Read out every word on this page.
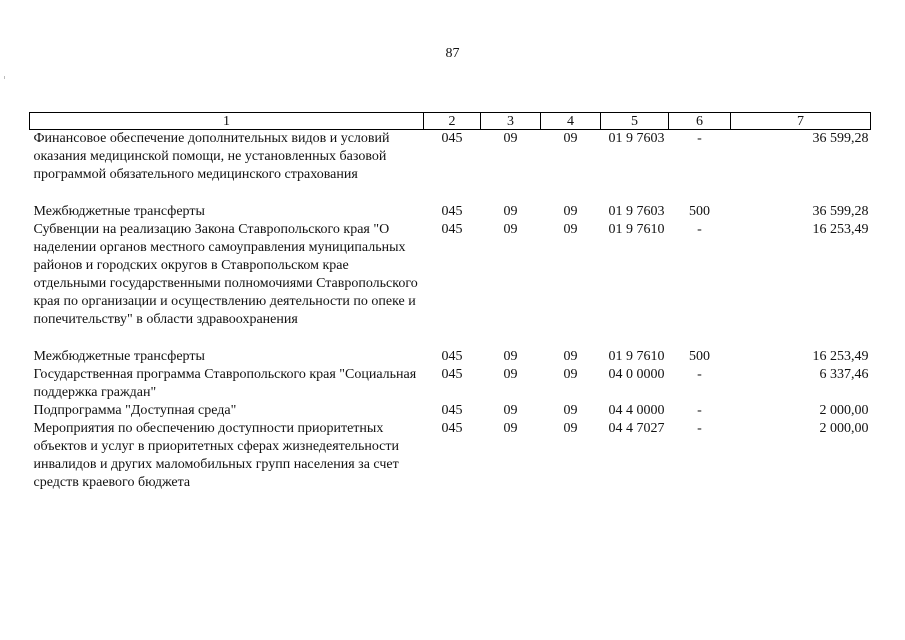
87
1	2	3	4	5	6	7
Финансовое обеспечение дополнительных видов и условий оказания медицинской помощи, не установленных базовой программой обязательного медицинского страхования	045	09	09	01 9 7603	-	36 599,28

Межбюджетные трансферты	045	09	09	01 9 7603	500	36 599,28
Субвенции на реализацию Закона Ставропольского края "О наделении органов местного самоуправления муниципальных районов и городских округов в Ставропольском крае отдельными государственными полномочиями Ставропольского края по организации и осуществлению деятельности по опеке и попечительству" в области здравоохранения	045	09	09	01 9 7610	-	16 253,49

Межбюджетные трансферты	045	09	09	01 9 7610	500	16 253,49
Государственная программа Ставропольского края "Социальная поддержка граждан"	045	09	09	04 0 0000	-	6 337,46
Подпрограмма "Доступная среда"	045	09	09	04 4 0000	-	2 000,00
Мероприятия по обеспечению доступности приоритетных объектов и услуг в приоритетных сферах жизнедеятельности инвалидов и других маломобильных групп населения за счет средств краевого бюджета	045	09	09	04 4 7027	-	2 000,00
